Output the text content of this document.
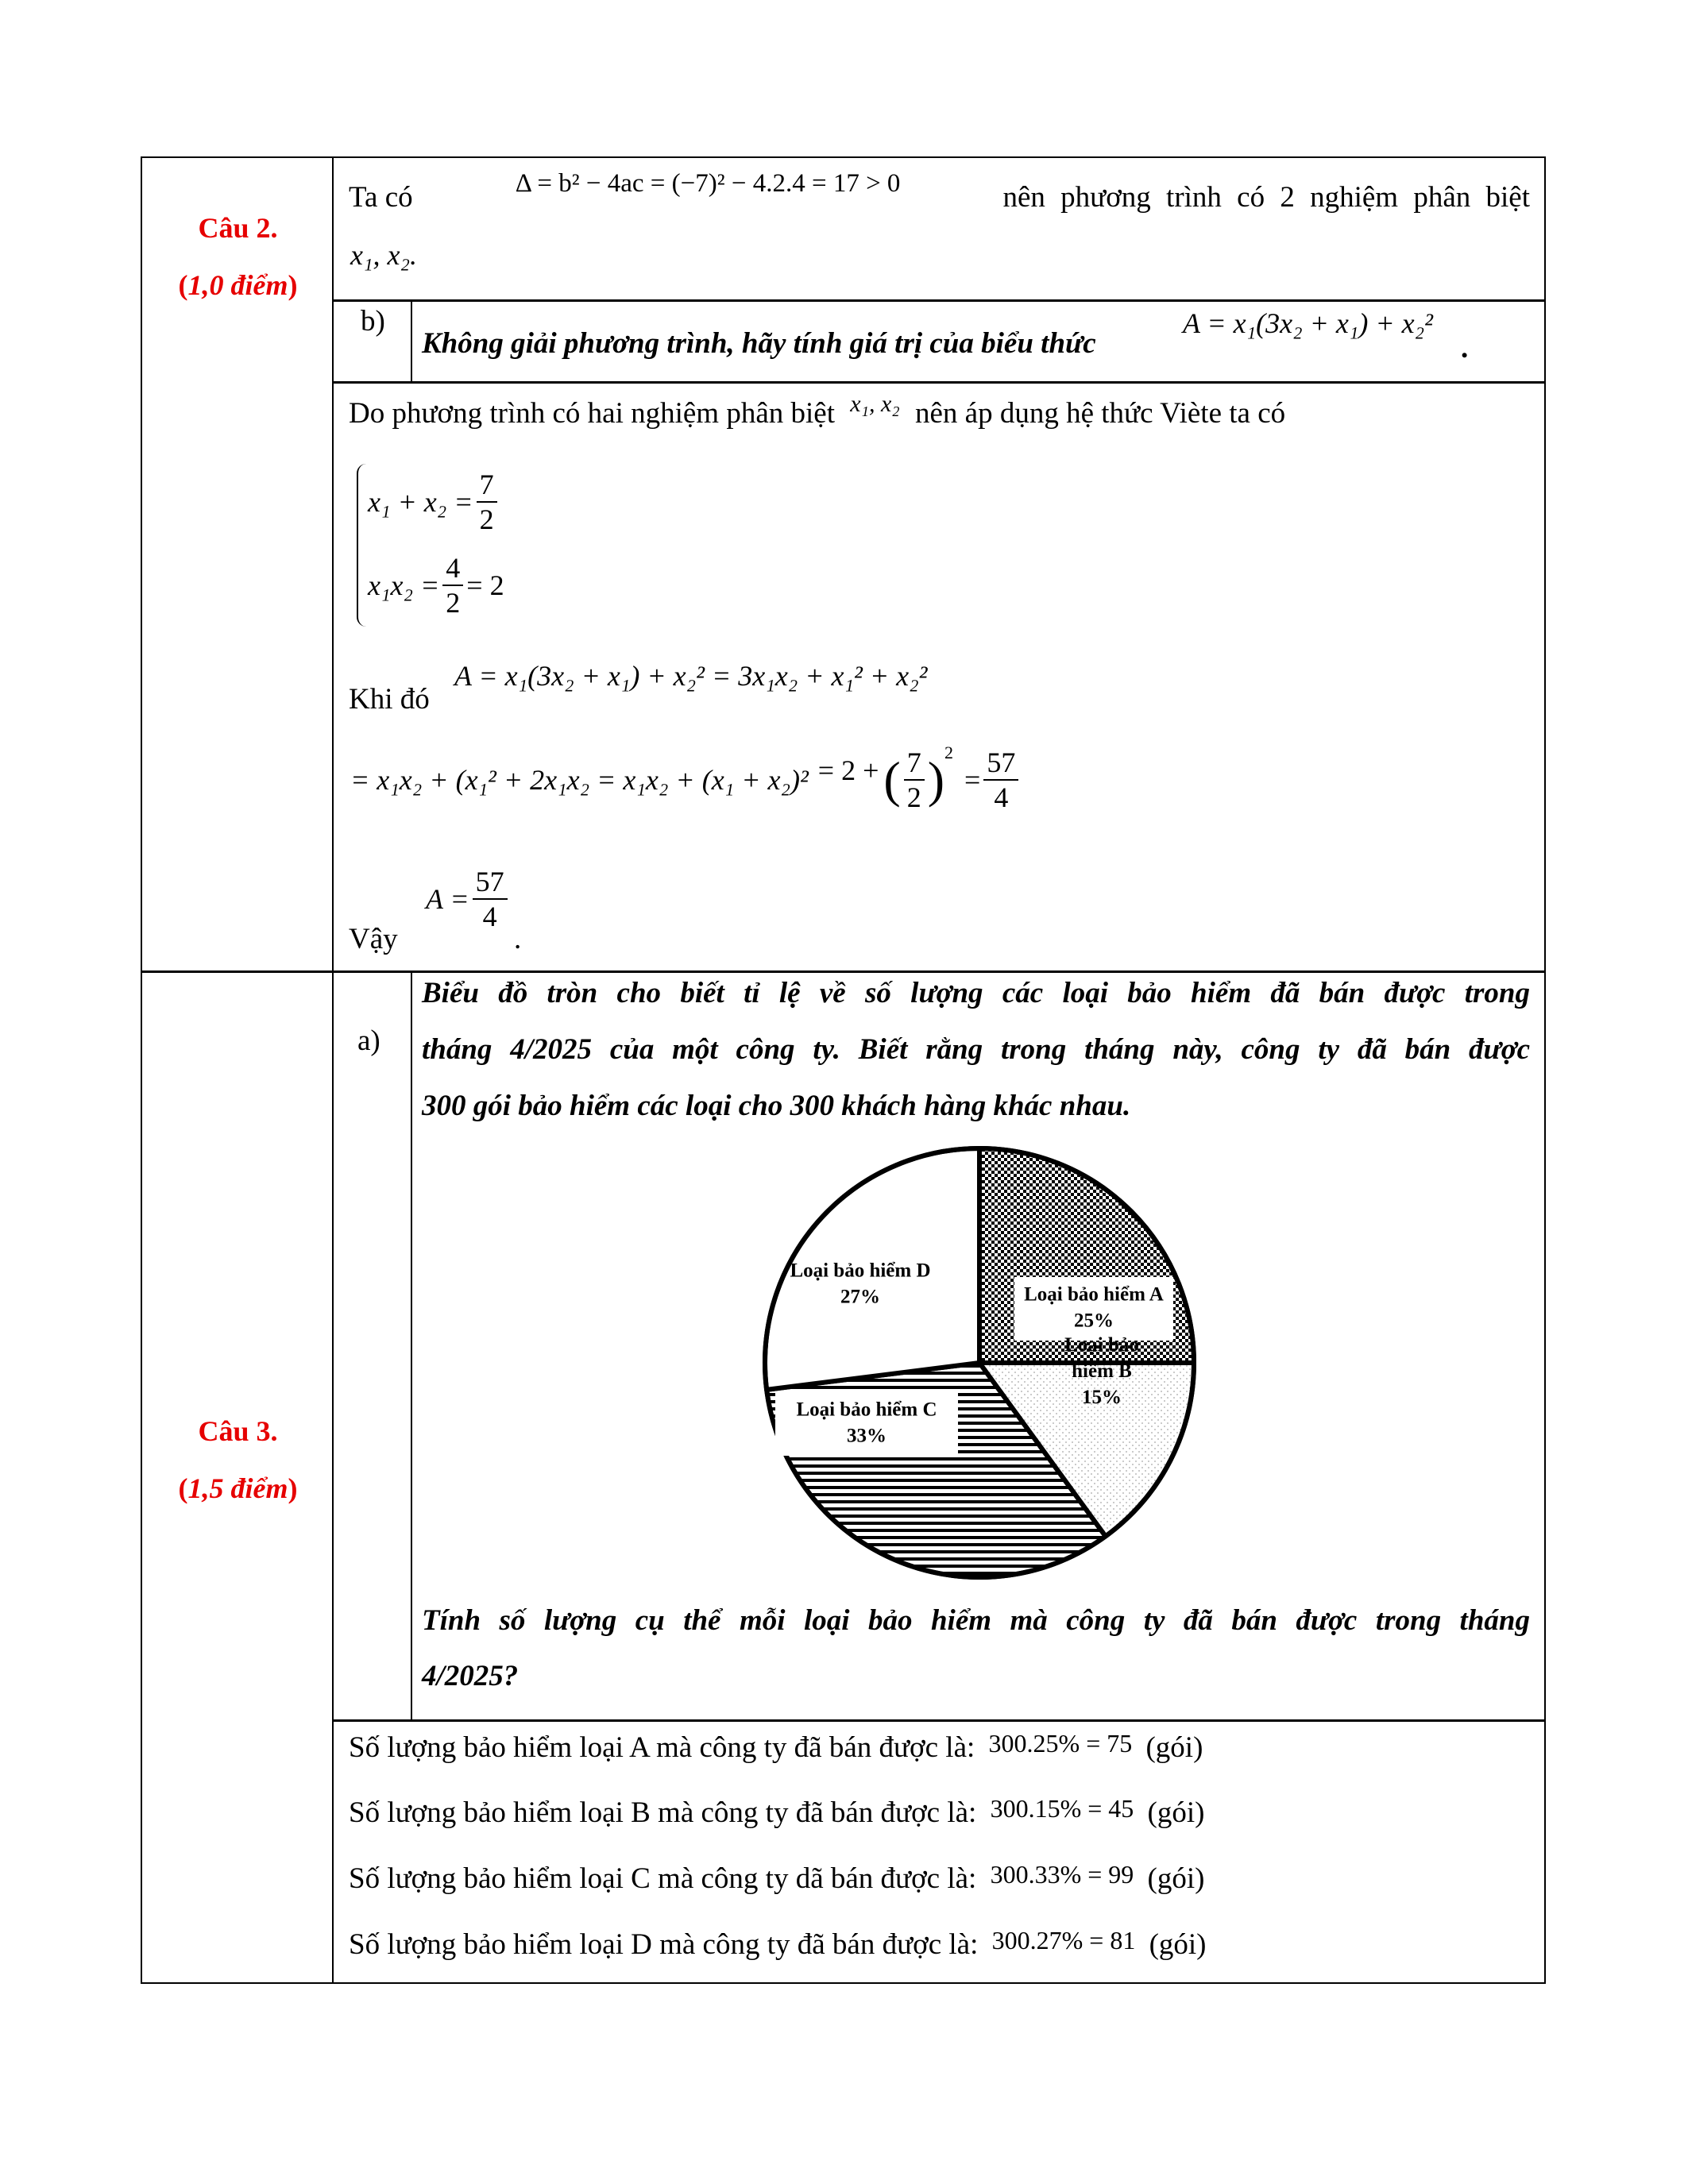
Câu 2.
(1,0 điểm)
Câu 3.
(1,5 điểm)
Ta có	Δ = b² − 4ac = (−7)² − 4.2.4 = 17 > 0	nên phương trình có 2 nghiệm phân biệt
x₁, x₂.
b)
Không giải phương trình, hãy tính giá trị của biểu thức
A = x₁(3x₂ + x₁) + x₂²
.
Do phương trình có hai nghiệm phân biệt $^{x_1, x_2}$ nên áp dụng hệ thức Viète ta có
$x_1 + x_2 = \frac{7}{2}$
$x_1x_2 = \frac{4}{2} = 2$
Khi đó
A = x₁(3x₂ + x₁) + x₂² = 3x₁x₂ + x₁² + x₂²
= x₁x₂ + (x₁² + 2x₁x₂ = x₁x₂ + (x₁ + x₂)² = 2 + ( $\frac{7}{2} )^2$
= $\frac{57}{4}$
Vậy
$A = \frac{57}{4}$
.
a)
Biểu đồ tròn cho biết tỉ lệ về số lượng các loại bảo hiểm đã bán được trong
tháng 4/2025 của một công ty. Biết rằng trong tháng này, công ty đã bán được
300 gói bảo hiểm các loại cho 300 khách hàng khác nhau.
Tính số lượng cụ thể mỗi loại bảo hiểm mà công ty đã bán được trong tháng
4/2025?
Số lượng bảo hiểm loại A mà công ty đã bán được là: 300.25% = 75 (gói)
Số lượng bảo hiểm loại B mà công ty đã bán được là: 300.15% = 45 (gói)
Số lượng bảo hiểm loại C mà công ty dã bán được là: 300.33% = 99 (gói)
Số lượng bảo hiểm loại D mà công ty đã bán được là: 300.27% = 81 (gói)
Loại bảo hiểm A
25%
Loại bảo
hiểm B
15%
Loại bảo hiểm C
33%
Loại bảo hiểm D
27%
